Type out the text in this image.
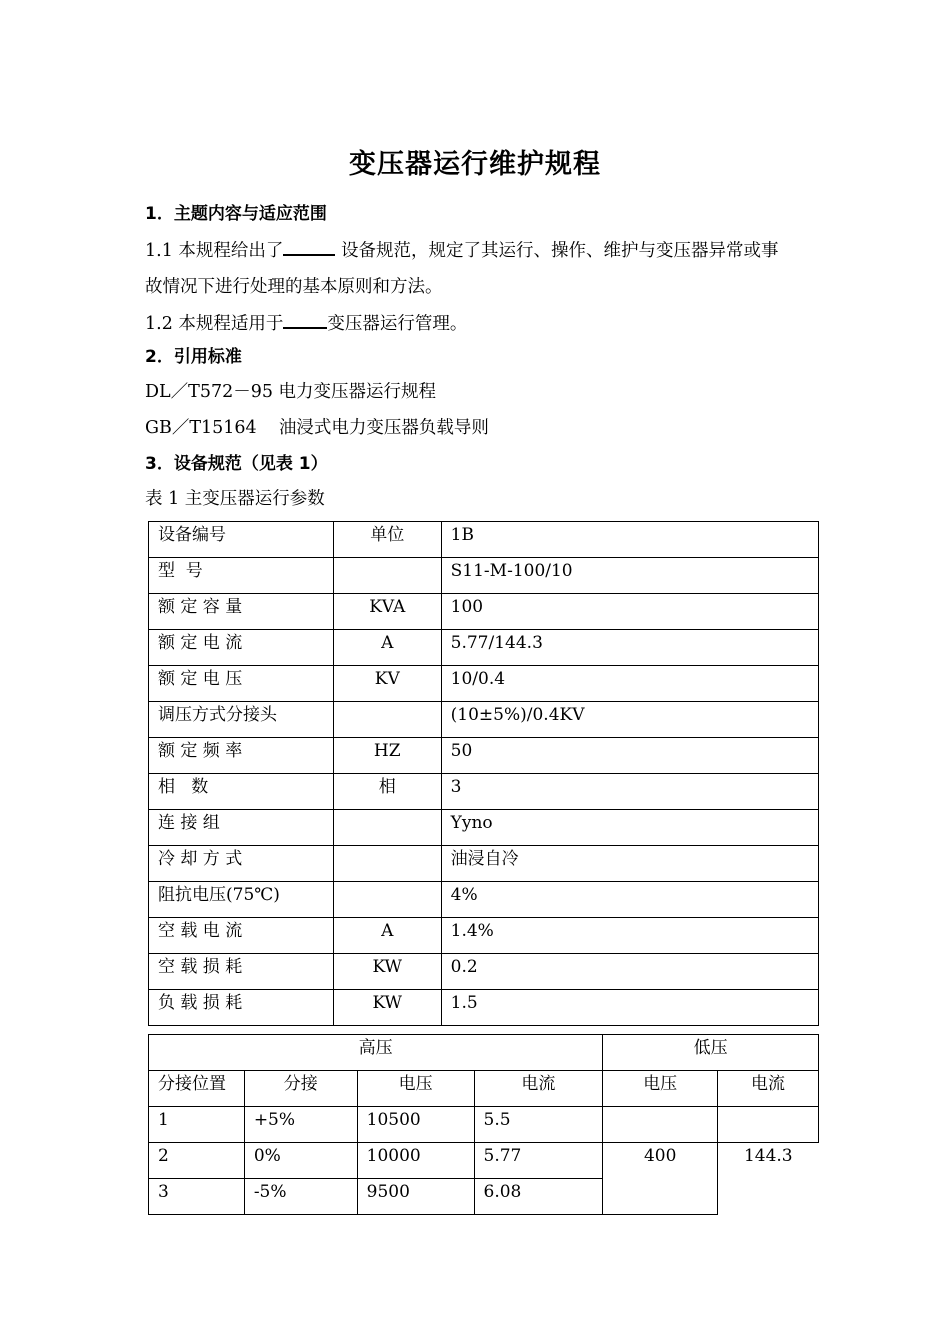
变压器运行维护规程
1．主题内容与适应范围
1.1 本规程给出了	设备规范，规定了其运行、操作、维护与变压器异常或事
故情况下进行处理的基本原则和方法。
1.2 本规程适用于	变压器运行管理。
2．引用标准
DL／T572－95 电力变压器运行规程
GB／T15164    油浸式电力变压器负载导则
3．设备规范（见表 1）
表 1 主变压器运行参数
设备编号	单位	1B
型  号		S11-M-100/10
额 定 容 量	KVA	100
额 定 电 流	A	5.77/144.3
额 定 电 压	KV	10/0.4
调压方式分接头		(10±5%)/0.4KV
额 定 频 率	HZ	50
相   数	相	3
连 接 组		Yyno
冷 却 方 式		油浸自冷
阻抗电压(75℃)		4%
空 载 电 流	A	1.4%
空 载 损 耗	KW	0.2
负 载 损 耗	KW	1.5
高压				低压	
分接位置	分接	电压	电流	电压	电流
1	+5%	10500	5.5		
2	0%	10000	5.77	400	144.3
3	-5%	9500	6.08		
